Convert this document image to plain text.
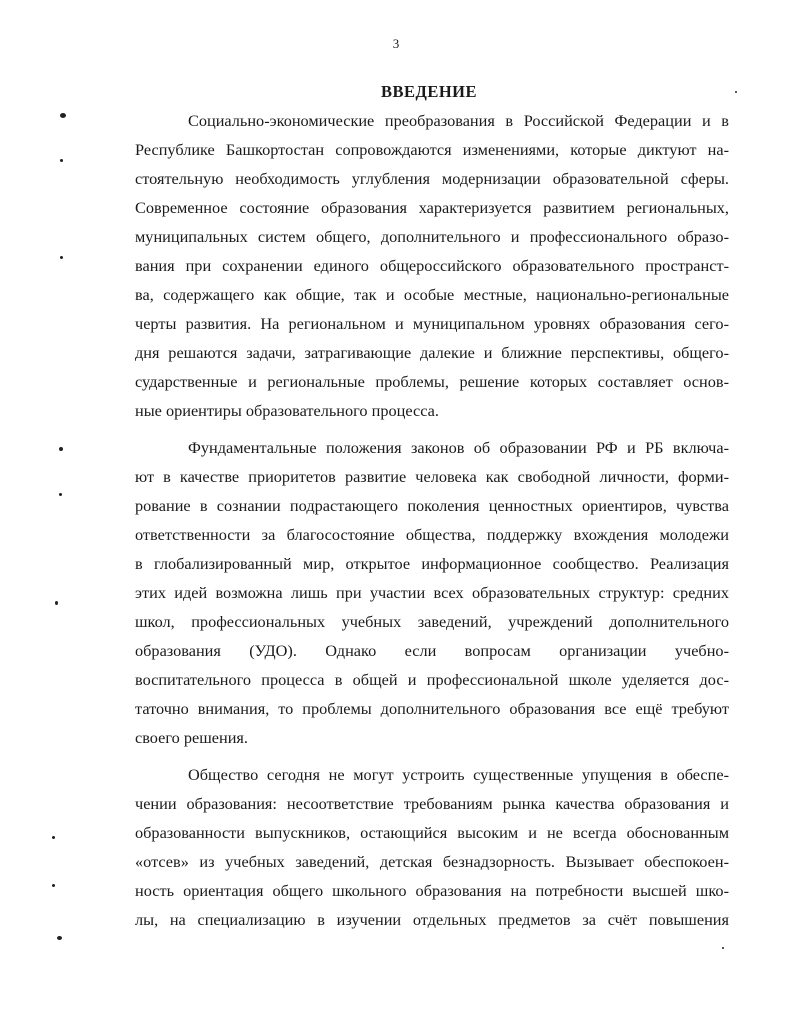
3
ВВЕДЕНИЕ
Социально-экономические преобразования в Российской Федерации и в
Республике Башкортостан сопровождаются изменениями, которые диктуют на-
стоятельную необходимость углубления модернизации образовательной сферы.
Современное состояние образования характеризуется развитием региональных,
муниципальных систем общего, дополнительного и профессионального образо-
вания при сохранении единого общероссийского образовательного пространст-
ва, содержащего как общие, так и особые местные, национально-региональные
черты развития. На региональном и муниципальном уровнях образования сего-
дня решаются задачи, затрагивающие далекие и ближние перспективы, общего-
сударственные и региональные проблемы, решение которых составляет основ-
ные ориентиры образовательного процесса.
Фундаментальные положения законов об образовании РФ и РБ включа-
ют в качестве приоритетов развитие человека как свободной личности, форми-
рование в сознании подрастающего поколения ценностных ориентиров, чувства
ответственности за благосостояние общества, поддержку вхождения молодежи
в глобализированный мир, открытое информационное сообщество. Реализация
этих идей возможна лишь при участии всех образовательных структур: средних
школ, профессиональных учебных заведений, учреждений дополнительного
образования (УДО). Однако если вопросам организации учебно-
воспитательного процесса в общей и профессиональной школе уделяется дос-
таточно внимания, то проблемы дополнительного образования все ещё требуют
своего решения.
Общество сегодня не могут устроить существенные упущения в обеспе-
чении образования: несоответствие требованиям рынка качества образования и
образованности выпускников, остающийся высоким и не всегда обоснованным
«отсев» из учебных заведений, детская безнадзорность. Вызывает обеспокоен-
ность ориентация общего школьного образования на потребности высшей шко-
лы, на специализацию в изучении отдельных предметов за счёт повышения
